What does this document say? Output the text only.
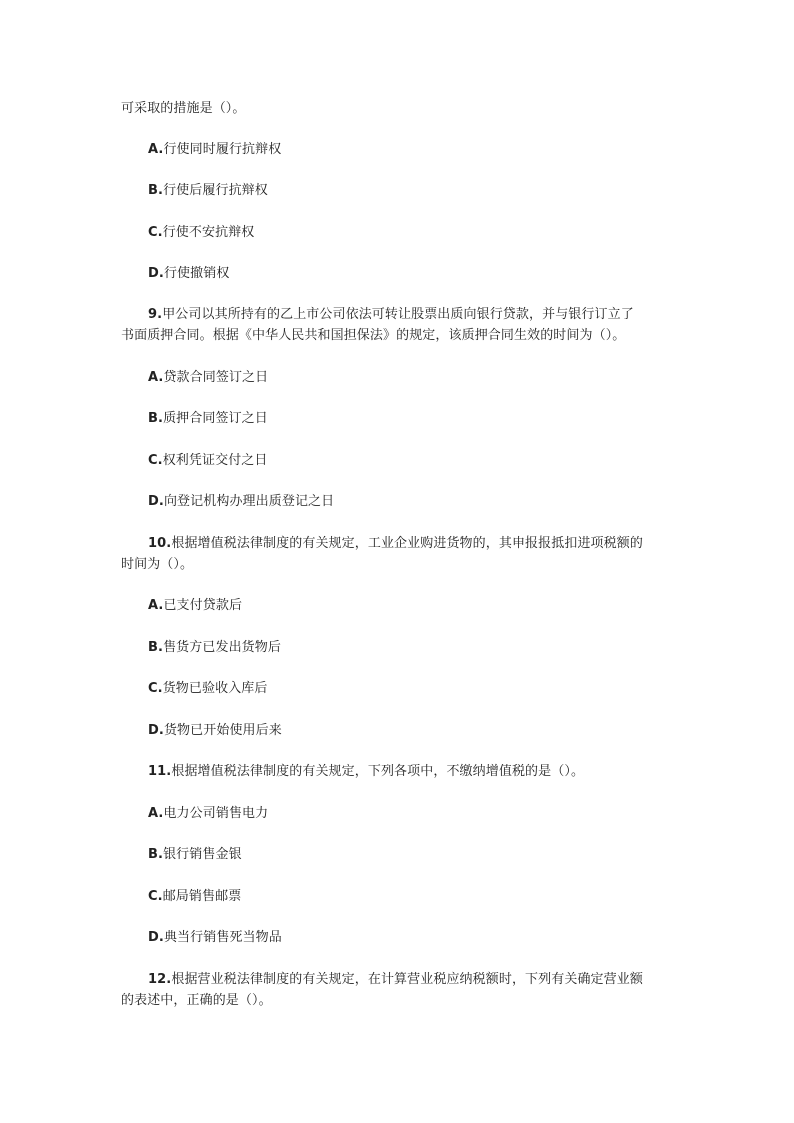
可采取的措施是（）。
A.行使同时履行抗辩权
B.行使后履行抗辩权
C.行使不安抗辩权
D.行使撤销权
9.甲公司以其所持有的乙上市公司依法可转让股票出质向银行贷款，并与银行订立了
书面质押合同。根据《中华人民共和国担保法》的规定，该质押合同生效的时间为（）。
A.贷款合同签订之日
B.质押合同签订之日
C.权利凭证交付之日
D.向登记机构办理出质登记之日
10.根据增值税法律制度的有关规定，工业企业购进货物的，其申报报抵扣进项税额的
时间为（）。
A.已支付贷款后
B.售货方已发出货物后
C.货物已验收入库后
D.货物已开始使用后来
11.根据增值税法律制度的有关规定，下列各项中，不缴纳增值税的是（）。
A.电力公司销售电力
B.银行销售金银
C.邮局销售邮票
D.典当行销售死当物品
12.根据营业税法律制度的有关规定，在计算营业税应纳税额时，下列有关确定营业额
的表述中，正确的是（）。
